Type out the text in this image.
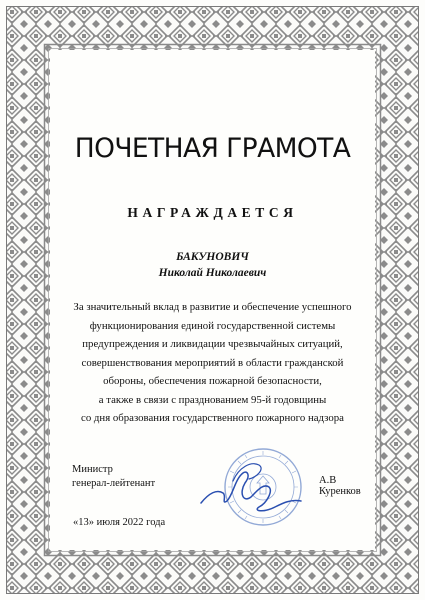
ПОЧЕТНАЯ ГРАМОТА
НАГРАЖДАЕТСЯ
БАКУНОВИЧ
Николай Николаевич
За значительный вклад в развитие и обеспечение успешного
функционирования единой государственной системы
предупреждения и ликвидации чрезвычайных ситуаций,
совершенствования мероприятий в области гражданской
обороны, обеспечения пожарной безопасности,
а также в связи с празднованием 95-й годовщины
со дня образования государственного пожарного надзора
Министр
генерал-лейтенант	А.В Куренков
«13» июля 2022 года
